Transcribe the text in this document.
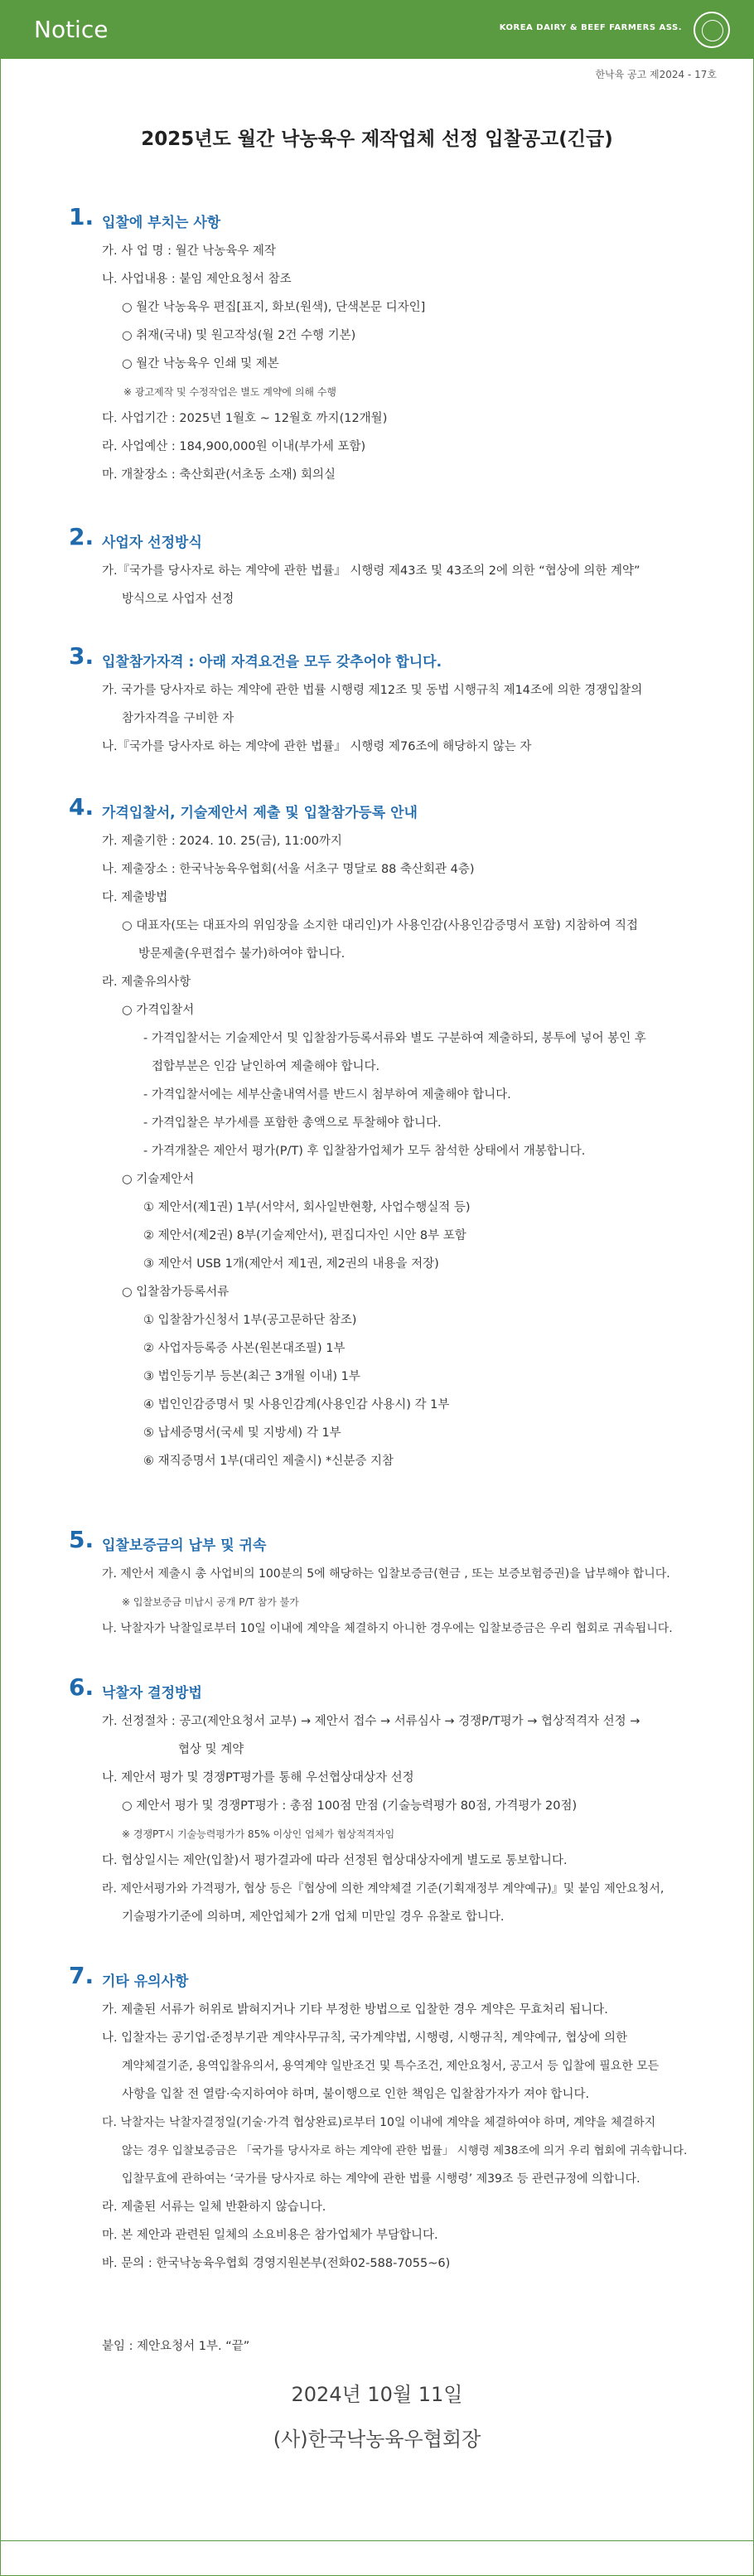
Notice	KOREA DAIRY & BEEF FARMERS ASS.
한낙육 공고 제2024 - 17호
2025년도 월간 낙농육우 제작업체 선정 입찰공고(긴급)
1. 입찰에 부치는 사항
가. 사 업 명 : 월간 낙농육우 제작
나. 사업내용 : 붙임 제안요청서 참조
○ 월간 낙농육우 편집[표지, 화보(원색), 단색본문 디자인]
○ 취재(국내) 및 원고작성(월 2건 수행 기본)
○ 월간 낙농육우 인쇄 및 제본
※ 광고제작 및 수정작업은 별도 계약에 의해 수행
다. 사업기간 : 2025년 1월호 ~ 12월호 까지(12개월)
라. 사업예산 : 184,900,000원 이내(부가세 포함)
마. 개찰장소 : 축산회관(서초동 소재) 회의실
2. 사업자 선정방식
가.『국가를 당사자로 하는 계약에 관한 법률』 시행령 제43조 및 43조의 2에 의한 “협상에 의한 계약”
방식으로 사업자 선정
3. 입찰참가자격 : 아래 자격요건을 모두 갖추어야 합니다.
가. 국가를 당사자로 하는 계약에 관한 법률 시행령 제12조 및 동법 시행규칙 제14조에 의한 경쟁입찰의
참가자격을 구비한 자
나.『국가를 당사자로 하는 계약에 관한 법률』 시행령 제76조에 해당하지 않는 자
4. 가격입찰서, 기술제안서 제출 및 입찰참가등록 안내
가. 제출기한 : 2024. 10. 25(금), 11:00까지
나. 제출장소 : 한국낙농육우협회(서울 서초구 명달로 88 축산회관 4층)
다. 제출방법
○ 대표자(또는 대표자의 위임장을 소지한 대리인)가 사용인감(사용인감증명서 포함) 지참하여 직접
방문제출(우편접수 불가)하여야 합니다.
라. 제출유의사항
○ 가격입찰서
- 가격입찰서는 기술제안서 및 입찰참가등록서류와 별도 구분하여 제출하되, 봉투에 넣어 봉인 후
접합부분은 인감 날인하여 제출해야 합니다.
- 가격입찰서에는 세부산출내역서를 반드시 첨부하여 제출해야 합니다.
- 가격입찰은 부가세를 포함한 총액으로 투찰해야 합니다.
- 가격개찰은 제안서 평가(P/T) 후 입찰참가업체가 모두 참석한 상태에서 개봉합니다.
○ 기술제안서
① 제안서(제1권) 1부(서약서, 회사일반현황, 사업수행실적 등)
② 제안서(제2권) 8부(기술제안서), 편집디자인 시안 8부 포함
③ 제안서 USB 1개(제안서 제1권, 제2권의 내용을 저장)
○ 입찰참가등록서류
① 입찰참가신청서 1부(공고문하단 참조)
② 사업자등록증 사본(원본대조필) 1부
③ 법인등기부 등본(최근 3개월 이내) 1부
④ 법인인감증명서 및 사용인감계(사용인감 사용시) 각 1부
⑤ 납세증명서(국세 및 지방세) 각 1부
⑥ 재직증명서 1부(대리인 제출시) *신분증 지참
5. 입찰보증금의 납부 및 귀속
가. 제안서 제출시 총 사업비의 100분의 5에 해당하는 입찰보증금(현금 , 또는 보증보험증권)을 납부해야 합니다.
※ 입찰보증금 미납시 공개 P/T 참가 불가
나. 낙찰자가 낙찰일로부터 10일 이내에 계약을 체결하지 아니한 경우에는 입찰보증금은 우리 협회로 귀속됩니다.
6. 낙찰자 결정방법
가. 선정절차 : 공고(제안요청서 교부) → 제안서 접수 → 서류심사 → 경쟁P/T평가 → 협상적격자 선정 →
협상 및 계약
나. 제안서 평가 및 경쟁PT평가를 통해 우선협상대상자 선정
○ 제안서 평가 및 경쟁PT평가 : 총점 100점 만점 (기술능력평가 80점, 가격평가 20점)
※ 경쟁PT시 기술능력평가가 85% 이상인 업체가 협상적격자임
다. 협상일시는 제안(입찰)서 평가결과에 따라 선정된 협상대상자에게 별도로 통보합니다.
라. 제안서평가와 가격평가, 협상 등은『협상에 의한 계약체결 기준(기획재정부 계약예규)』및 붙임 제안요청서,
기술평가기준에 의하며, 제안업체가 2개 업체 미만일 경우 유찰로 합니다.
7. 기타 유의사항
가. 제출된 서류가 허위로 밝혀지거나 기타 부정한 방법으로 입찰한 경우 계약은 무효처리 됩니다.
나. 입찰자는 공기업·준정부기관 계약사무규칙, 국가계약법, 시행령, 시행규칙, 계약예규, 협상에 의한
계약체결기준, 용역입찰유의서, 용역계약 일반조건 및 특수조건, 제안요청서, 공고서 등 입찰에 필요한 모든
사항을 입찰 전 열람·숙지하여야 하며, 불이행으로 인한 책임은 입찰참가자가 져야 합니다.
다. 낙찰자는 낙찰자결정일(기술·가격 협상완료)로부터 10일 이내에 계약을 체결하여야 하며, 계약을 체결하지
않는 경우 입찰보증금은 「국가를 당사자로 하는 계약에 관한 법률」 시행령 제38조에 의거 우리 협회에 귀속합니다.
입찰무효에 관하여는 ‘국가를 당사자로 하는 계약에 관한 법률 시행령’ 제39조 등 관련규정에 의합니다.
라. 제출된 서류는 일체 반환하지 않습니다.
마. 본 제안과 관련된 일체의 소요비용은 참가업체가 부담합니다.
바. 문의 : 한국낙농육우협회 경영지원본부(전화02-588-7055~6)
붙임 : 제안요청서 1부. “끝”
2024년 10월 11일
(사)한국낙농육우협회장
